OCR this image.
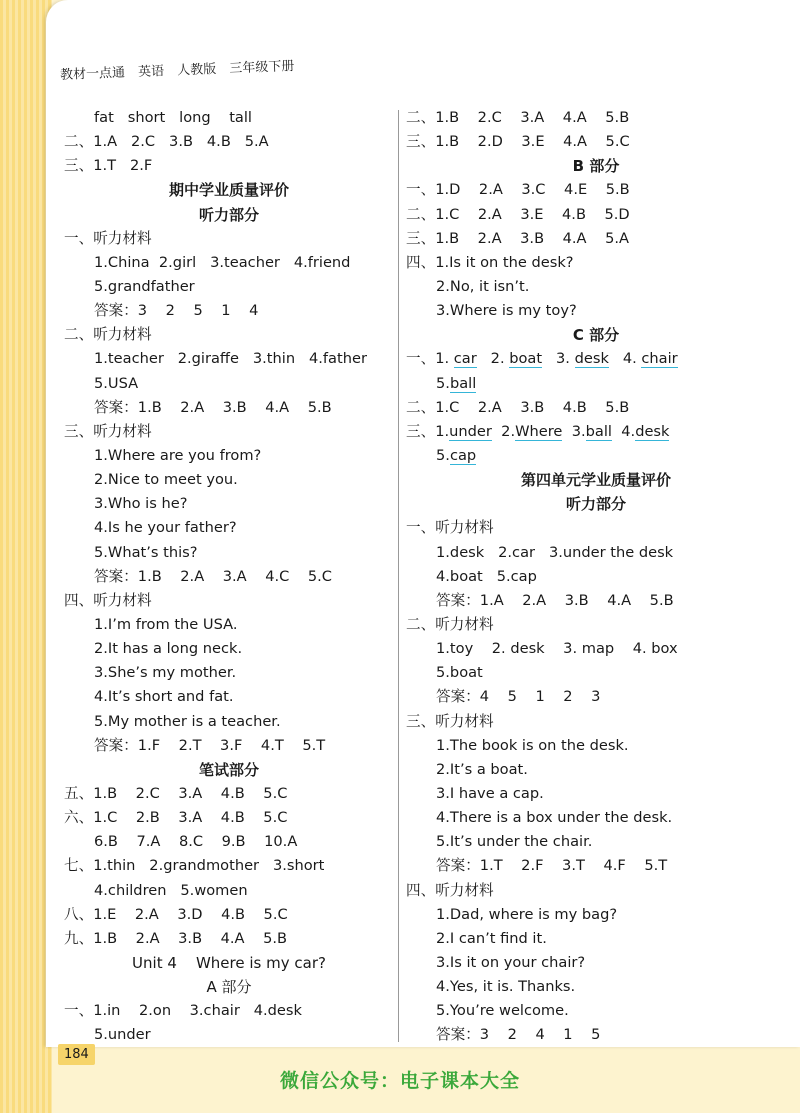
教材一点通 英语 人教版 三年级下册
fat   short   long    tall
二、1.A   2.C   3.B   4.B   5.A
三、1.T   2.F
期中学业质量评价
听力部分
一、听力材料
1.China  2.girl   3.teacher   4.friend
5.grandfather
答案：3    2    5    1    4
二、听力材料
1.teacher   2.giraffe   3.thin   4.father
5.USA
答案：1.B    2.A    3.B    4.A    5.B
三、听力材料
1.Where are you from?
2.Nice to meet you.
3.Who is he?
4.Is he your father?
5.What’s this?
答案：1.B    2.A    3.A    4.C    5.C
四、听力材料
1.I’m from the USA.
2.It has a long neck.
3.She’s my mother.
4.It’s short and fat.
5.My mother is a teacher.
答案：1.F    2.T    3.F    4.T    5.T
笔试部分
五、1.B    2.C    3.A    4.B    5.C
六、1.C    2.B    3.A    4.B    5.C
6.B    7.A    8.C    9.B    10.A
七、1.thin   2.grandmother   3.short
4.children   5.women
八、1.E    2.A    3.D    4.B    5.C
九、1.B    2.A    3.B    4.A    5.B
Unit 4    Where is my car?
A 部分
一、1.in    2.on    3.chair   4.desk
5.under
二、1.B    2.C    3.A    4.A    5.B
三、1.B    2.D    3.E    4.A    5.C
B 部分
一、1.D    2.A    3.C    4.E    5.B
二、1.C    2.A    3.E    4.B    5.D
三、1.B    2.A    3.B    4.A    5.A
四、1.Is it on the desk?
2.No, it isn’t.
3.Where is my toy?
C 部分
一、1. car 2. boat 3. desk 4. chair
5.ball
二、1.C    2.A    3.B    4.B    5.B
三、1.under 2.Where 3.ball 4.desk
5.cap
第四单元学业质量评价
听力部分
一、听力材料
1.desk   2.car   3.under the desk
4.boat   5.cap
答案：1.A    2.A    3.B    4.A    5.B
二、听力材料
1.toy    2. desk    3. map    4. box
5.boat
答案：4    5    1    2    3
三、听力材料
1.The book is on the desk.
2.It’s a boat.
3.I have a cap.
4.There is a box under the desk.
5.It’s under the chair.
答案：1.T    2.F    3.T    4.F    5.T
四、听力材料
1.Dad, where is my bag?
2.I can’t find it.
3.Is it on your chair?
4.Yes, it is. Thanks.
5.You’re welcome.
答案：3    2    4    1    5
184
微信公众号：电子课本大全
